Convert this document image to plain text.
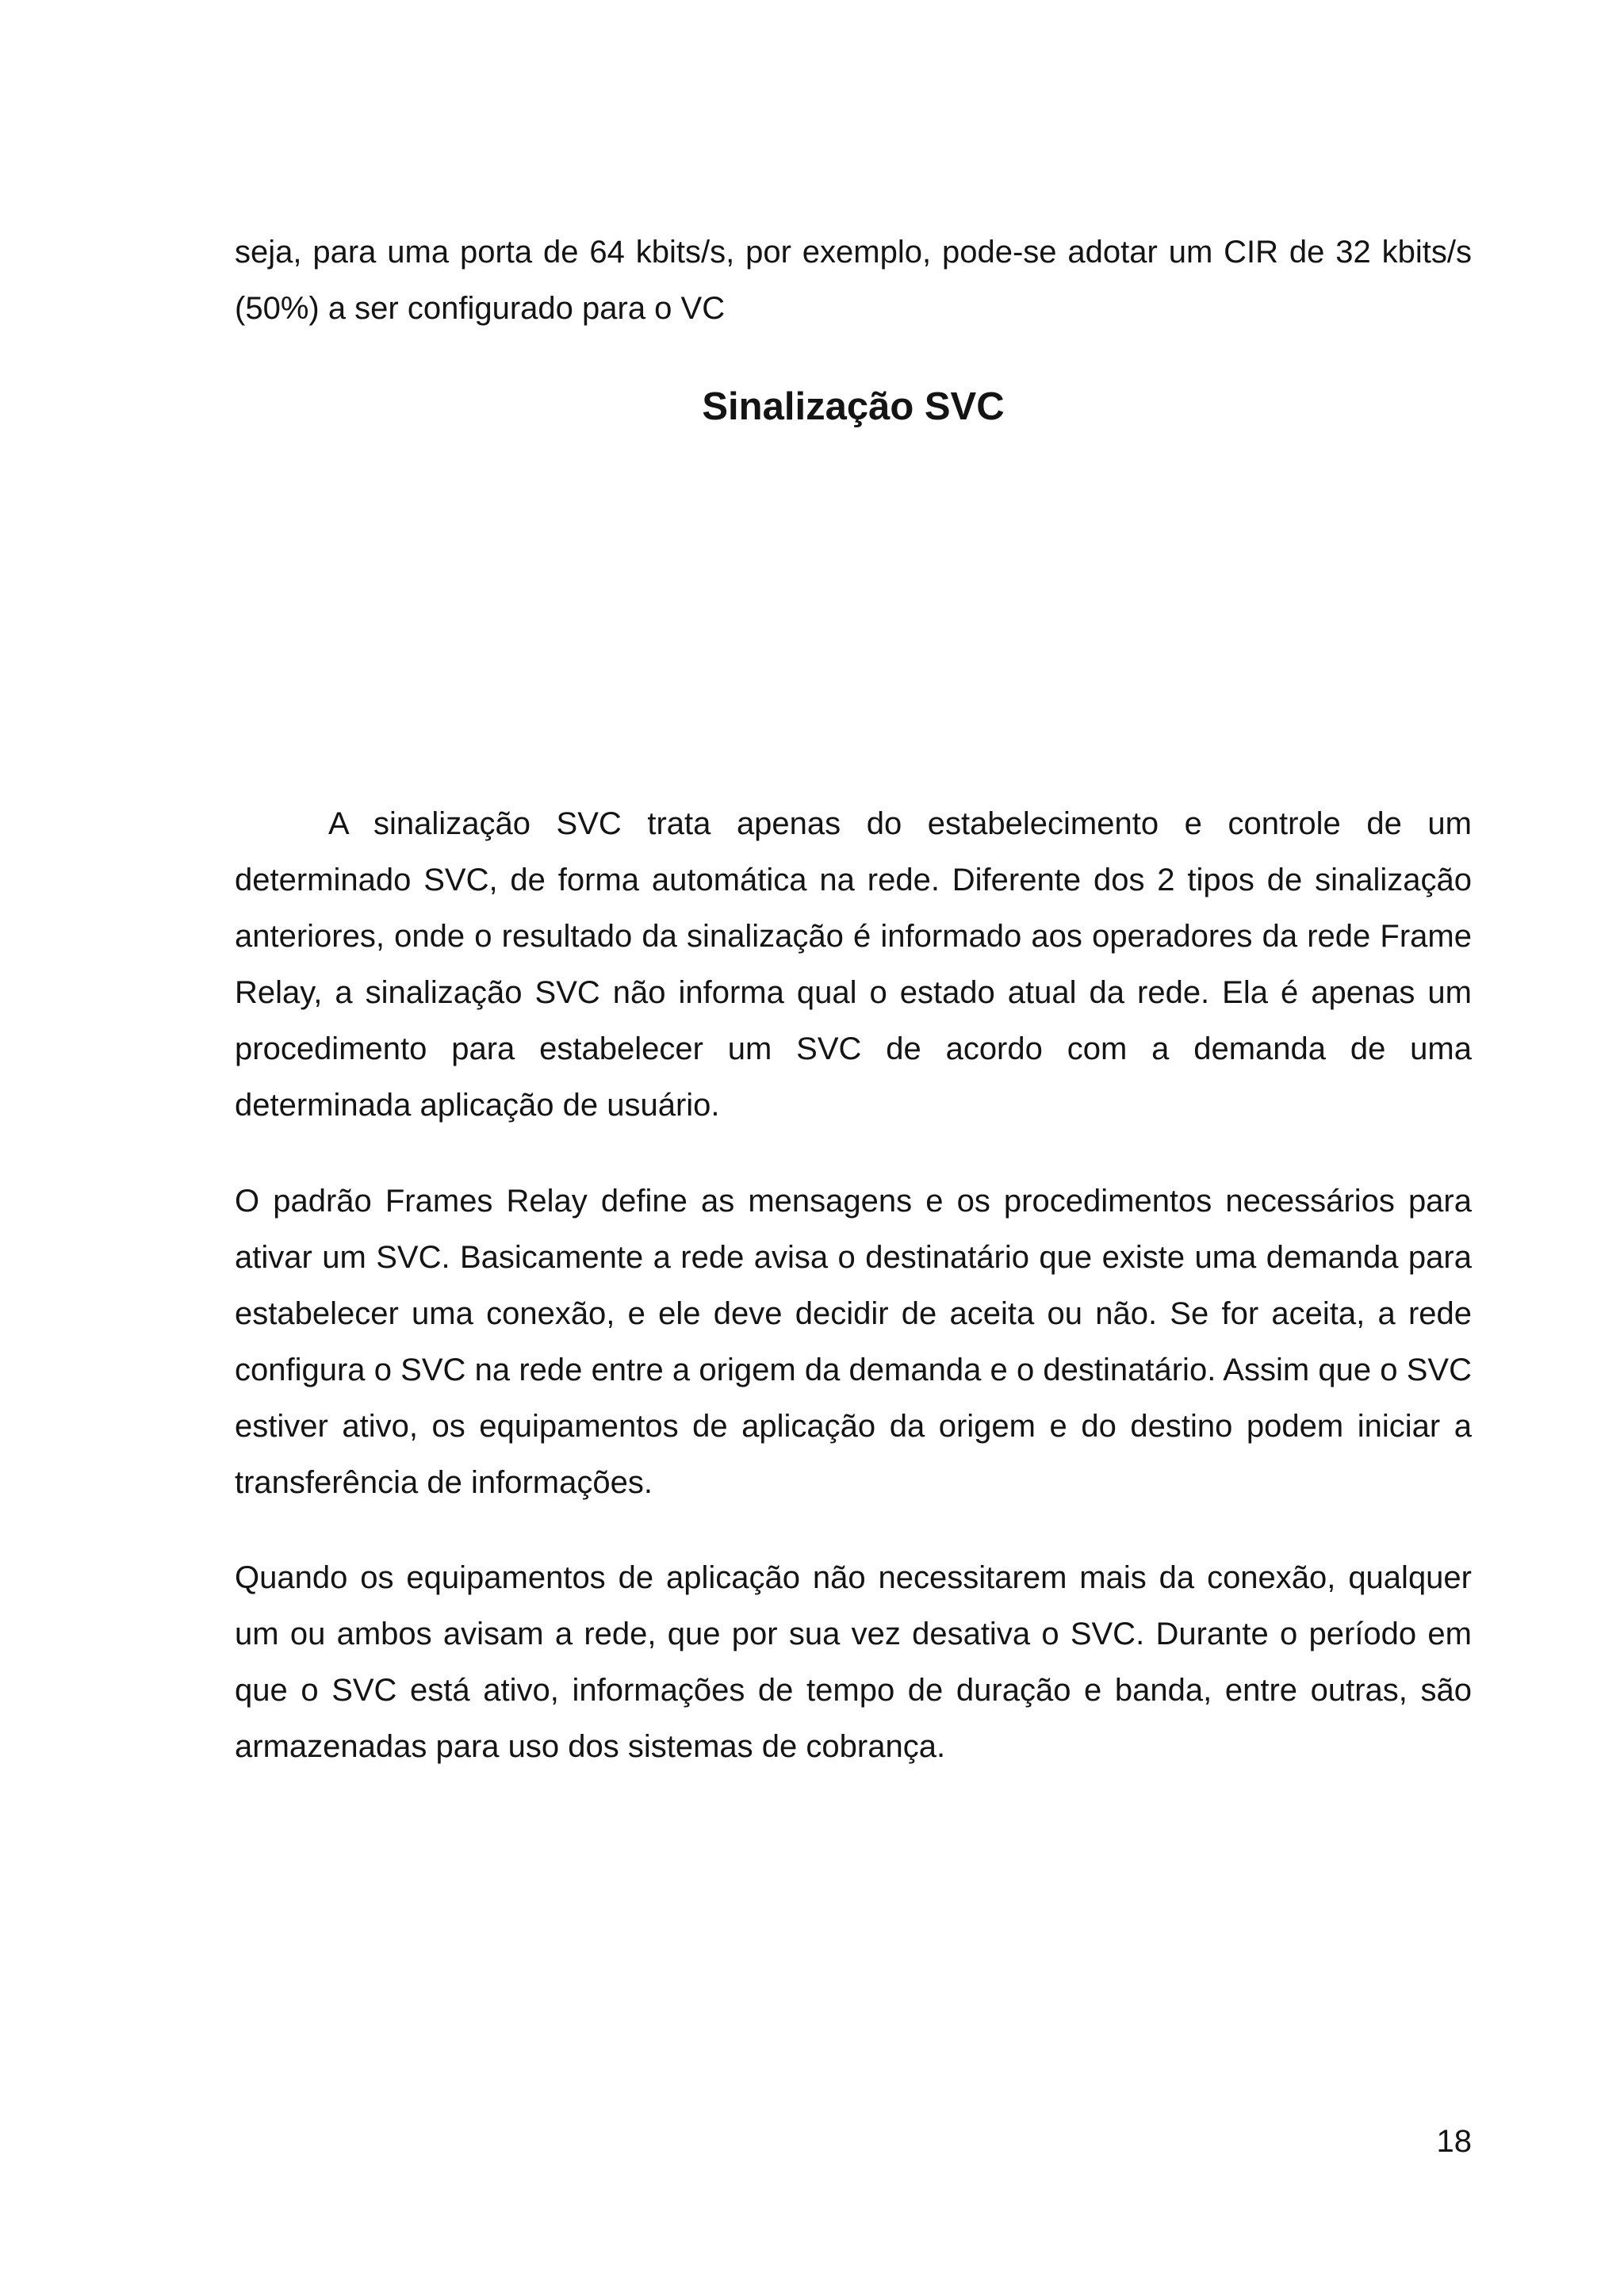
seja, para uma porta de 64 kbits/s, por exemplo, pode-se adotar um CIR de 32 kbits/s (50%) a ser configurado para o VC

Sinalização SVC

A sinalização SVC trata apenas do estabelecimento e controle de um determinado SVC, de forma automática na rede. Diferente dos 2 tipos de sinalização anteriores, onde o resultado da sinalização é informado aos operadores da rede Frame Relay, a sinalização SVC não informa qual o estado atual da rede. Ela é apenas um procedimento para estabelecer um SVC de acordo com a demanda de uma determinada aplicação de usuário.

O padrão Frames Relay define as mensagens e os procedimentos necessários para ativar um SVC. Basicamente a rede avisa o destinatário que existe uma demanda para estabelecer uma conexão, e ele deve decidir de aceita ou não. Se for aceita, a rede configura o SVC na rede entre a origem da demanda e o destinatário. Assim que o SVC estiver ativo, os equipamentos de aplicação da origem e do destino podem iniciar a transferência de informações.

Quando os equipamentos de aplicação não necessitarem mais da conexão, qualquer um ou ambos avisam a rede, que por sua vez desativa o SVC. Durante o período em que o SVC está ativo, informações de tempo de duração e banda, entre outras, são armazenadas para uso dos sistemas de cobrança.

18
